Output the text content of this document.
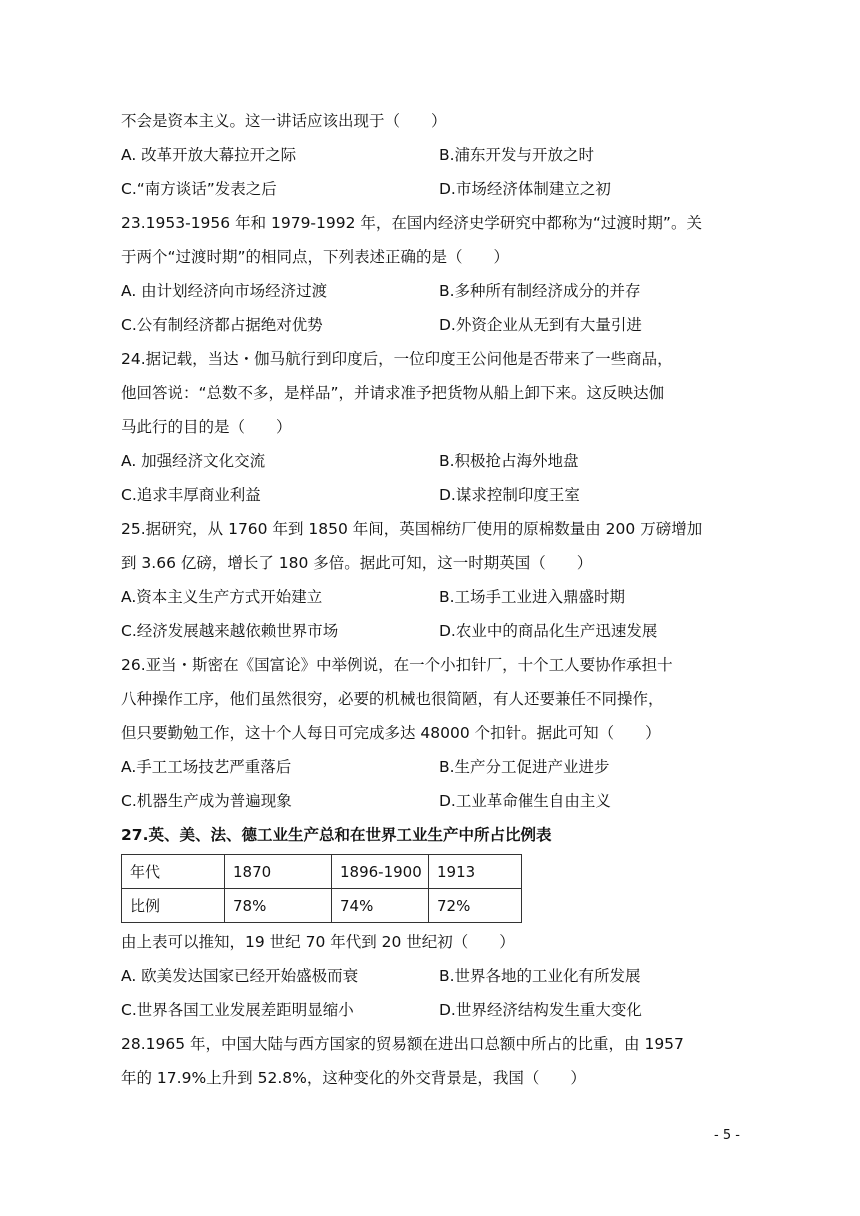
不会是资本主义。这一讲话应该出现于（　　）
A. 改革开放大幕拉开之际	B.浦东开发与开放之时
C.“南方谈话”发表之后	D.市场经济体制建立之初
23.1953-1956 年和 1979-1992 年，在国内经济史学研究中都称为“过渡时期”。关
于两个“过渡时期”的相同点，下列表述正确的是（　　）
A. 由计划经济向市场经济过渡	B.多种所有制经济成分的并存
C.公有制经济都占据绝对优势	D.外资企业从无到有大量引进
24.据记载，当达・伽马航行到印度后，一位印度王公问他是否带来了一些商品，
他回答说：“总数不多，是样品”，并请求准予把货物从船上卸下来。这反映达伽
马此行的目的是（　　）
A. 加强经济文化交流	B.积极抢占海外地盘
C.追求丰厚商业利益	D.谋求控制印度王室
25.据研究，从 1760 年到 1850 年间，英国棉纺厂使用的原棉数量由 200 万磅增加
到 3.66 亿磅，增长了 180 多倍。据此可知，这一时期英国（　　）
A.资本主义生产方式开始建立	B.工场手工业进入鼎盛时期
C.经济发展越来越依赖世界市场	D.农业中的商品化生产迅速发展
26.亚当・斯密在《国富论》中举例说，在一个小扣针厂，十个工人要协作承担十
八种操作工序，他们虽然很穷，必要的机械也很简陋，有人还要兼任不同操作，
但只要勤勉工作，这十个人每日可完成多达 48000 个扣针。据此可知（　　）
A.手工工场技艺严重落后	B.生产分工促进产业进步
C.机器生产成为普遍现象	D.工业革命催生自由主义
27.英、美、法、德工业生产总和在世界工业生产中所占比例表
年代	1870	1896-1900	1913
比例	78%	74%	72%
由上表可以推知，19 世纪 70 年代到 20 世纪初（　　）
A. 欧美发达国家已经开始盛极而衰	B.世界各地的工业化有所发展
C.世界各国工业发展差距明显缩小	D.世界经济结构发生重大变化
28.1965 年，中国大陆与西方国家的贸易额在进出口总额中所占的比重，由 1957
年的 17.9%上升到 52.8%，这种变化的外交背景是，我国（　　）
- 5 -
